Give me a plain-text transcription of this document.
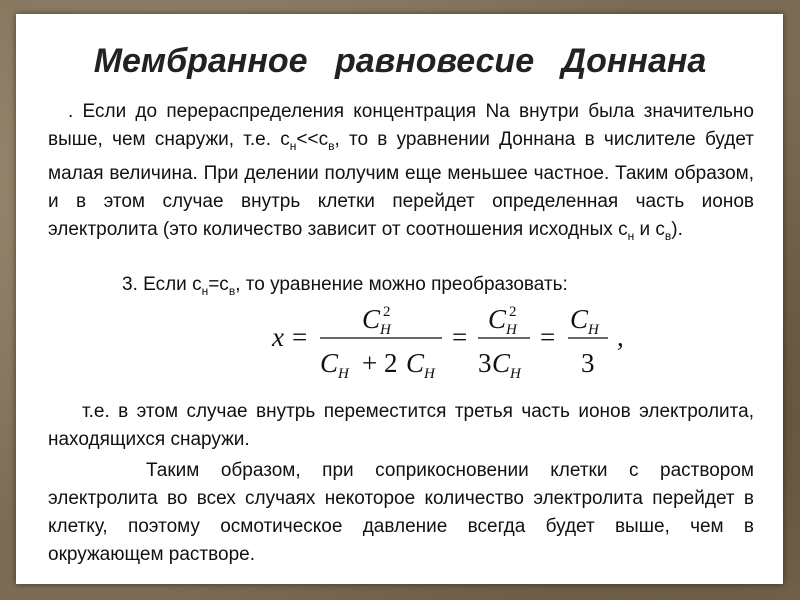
Мембранное равновесие Доннана

. Если до перераспределения концентрация Na внутри была значительно выше, чем снаружи, т.е. $с_н<<с_в$, то в уравнении Доннана в числителе будет малая величина. При делении получим еще меньшее частное. Таким образом, и в этом случае внутрь клетки перейдет определенная часть ионов электролита (это количество зависит от соотношения исходных $с_н$ и $с_в$).

3. Если $с_н=с_в$, то уравнение можно преобразовать:

x =
C H
2
C H + 2 C H
=
C H
2
3 C H
=
C H
3
,

т.е. в этом случае внутрь переместится третья часть ионов электролита, находящихся снаружи.

Таким образом, при соприкосновении клетки с раствором электролита во всех случаях некоторое количество электролита перейдет в клетку, поэтому осмотическое давление всегда будет выше, чем в окружающем растворе.
